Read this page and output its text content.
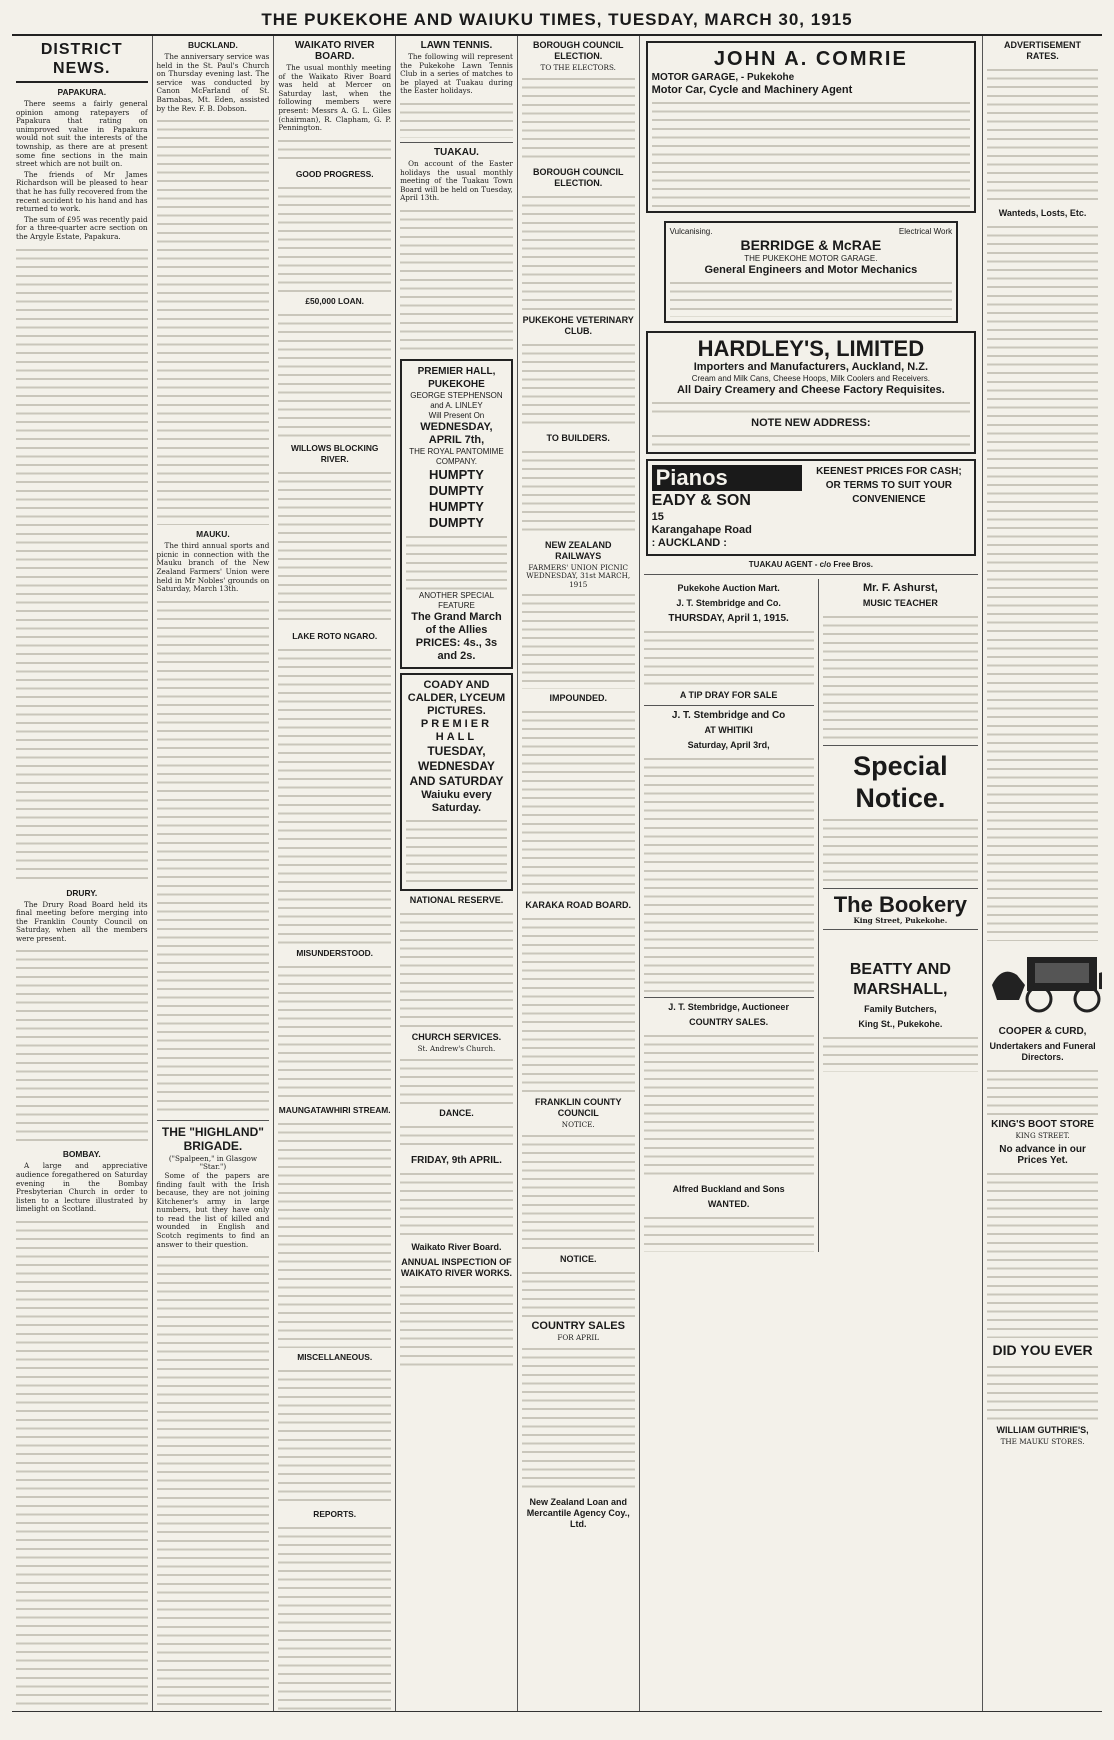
THE PUKEKOHE AND WAIUKU TIMES, TUESDAY, MARCH 30, 1915
DISTRICT NEWS.
PAPAKURA.

There seems a fairly general opinion among ratepayers of Papakura that rating on unimproved value in Papakura would not suit the interests of the township, as there are at present some fine sections in the main street which are not built on.

The friends of Mr James Richardson will be pleased to hear that he has fully recovered from the recent accident to his hand and has returned to work.

The sum of £95 was recently paid for a three-quarter acre section on the Argyle Estate, Papakura.

DRURY.

The Drury Road Board held its final meeting before merging into the Franklin County Council on Saturday, when all the members were present.

BOMBAY.

A large and appreciative audience foregathered on Saturday evening in the Bombay Presbyterian Church in order to listen to a lecture illustrated by limelight on Scotland.

BUCKLAND.

The anniversary service was held in the St. Paul's Church on Thursday evening last. The service was conducted by Canon McFarland of St. Barnabas, Mt. Eden, assisted by the Rev. F. B. Dobson.

MAUKU.

The third annual sports and picnic in connection with the Mauku branch of the New Zealand Farmers' Union were held in Mr Nobles' grounds on Saturday, March 13th.

THE "HIGHLAND" BRIGADE.
("Spalpeen," in Glasgow "Star.")

Some of the papers are finding fault with the Irish because, they are not joining Kitchener's army in large numbers, but they have only to read the list of killed and wounded in English and Scotch regiments to find an answer to their question.

WAIKATO RIVER BOARD.

The usual monthly meeting of the Waikato River Board was held at Mercer on Saturday last, when the following members were present: Messrs A. G. L. Giles (chairman), R. Clapham, G. P. Pennington.

GOOD PROGRESS.
£50,000 LOAN.
WILLOWS BLOCKING RIVER.
LAKE ROTO NGARO.
MISUNDERSTOOD.
MAUNGATAWHIRI STREAM.
MISCELLANEOUS.
REPORTS.
LAWN TENNIS.

The following will represent the Pukekohe Lawn Tennis Club in a series of matches to be played at Tuakau during the Easter holidays.

TUAKAU.

On account of the Easter holidays the usual monthly meeting of the Tuakau Town Board will be held on Tuesday, April 13th.

PREMIER HALL, PUKEKOHE
GEORGE STEPHENSON and A. LINLEY
Will Present On
WEDNESDAY, APRIL 7th,
THE ROYAL PANTOMIME COMPANY.
HUMPTY DUMPTY
HUMPTY DUMPTY
ANOTHER SPECIAL FEATURE
The Grand March of the Allies
PRICES: 4s., 3s and 2s.
COADY AND CALDER, LYCEUM PICTURES.
PREMIER HALL
TUESDAY, WEDNESDAY AND SATURDAY
Waiuku every Saturday.
NATIONAL RESERVE.
CHURCH SERVICES.
St. Andrew's Church.
DANCE.
FRIDAY, 9th APRIL.
Waikato River Board.
ANNUAL INSPECTION OF WAIKATO RIVER WORKS.
BOROUGH COUNCIL ELECTION.
TO THE ELECTORS.
BOROUGH COUNCIL ELECTION.
PUKEKOHE VETERINARY CLUB.
TO BUILDERS.
NEW ZEALAND RAILWAYS
FARMERS' UNION PICNIC
WEDNESDAY, 31st MARCH, 1915
IMPOUNDED.
KARAKA ROAD BOARD.
FRANKLIN COUNTY COUNCIL
NOTICE.
NOTICE.
COUNTRY SALES
FOR APRIL
New Zealand Loan and Mercantile Agency Coy., Ltd.
JOHN A. COMRIE
MOTOR GARAGE, - Pukekohe
Motor Car, Cycle and Machinery Agent
Vulcanising.	Electrical Work
BERRIDGE & McRAE
THE PUKEKOHE MOTOR GARAGE.
General Engineers and Motor Mechanics
HARDLEY'S, LIMITED
Importers and Manufacturers, Auckland, N.Z.
Cream and Milk Cans, Cheese Hoops, Milk Coolers and Receivers.
All Dairy Creamery and Cheese Factory Requisites.
NOTE NEW ADDRESS:
Pianos
EADY & SON
15
Karangahape Road
: AUCKLAND :
KEENEST PRICES FOR CASH; OR TERMS TO SUIT YOUR CONVENIENCE
TUAKAU AGENT - c/o Free Bros.
Pukekohe Auction Mart.
J. T. Stembridge and Co.
THURSDAY, April 1, 1915.
A TIP DRAY FOR SALE
J. T. Stembridge and Co
AT WHITIKI
Saturday, April 3rd,
J. T. Stembridge, Auctioneer
COUNTRY SALES.
Alfred Buckland and Sons
WANTED.
Mr. F. Ashurst,
MUSIC TEACHER
Special Notice.
The Bookery
King Street, Pukekohe.
BEATTY AND MARSHALL,
Family Butchers,
King St., Pukekohe.
ADVERTISEMENT RATES.
Wanteds, Losts, Etc.
COOPER & CURD,
Undertakers and Funeral Directors.
KING'S BOOT STORE
KING STREET.
No advance in our Prices Yet.
DID YOU EVER
WILLIAM GUTHRIE'S,
THE MAUKU STORES.
